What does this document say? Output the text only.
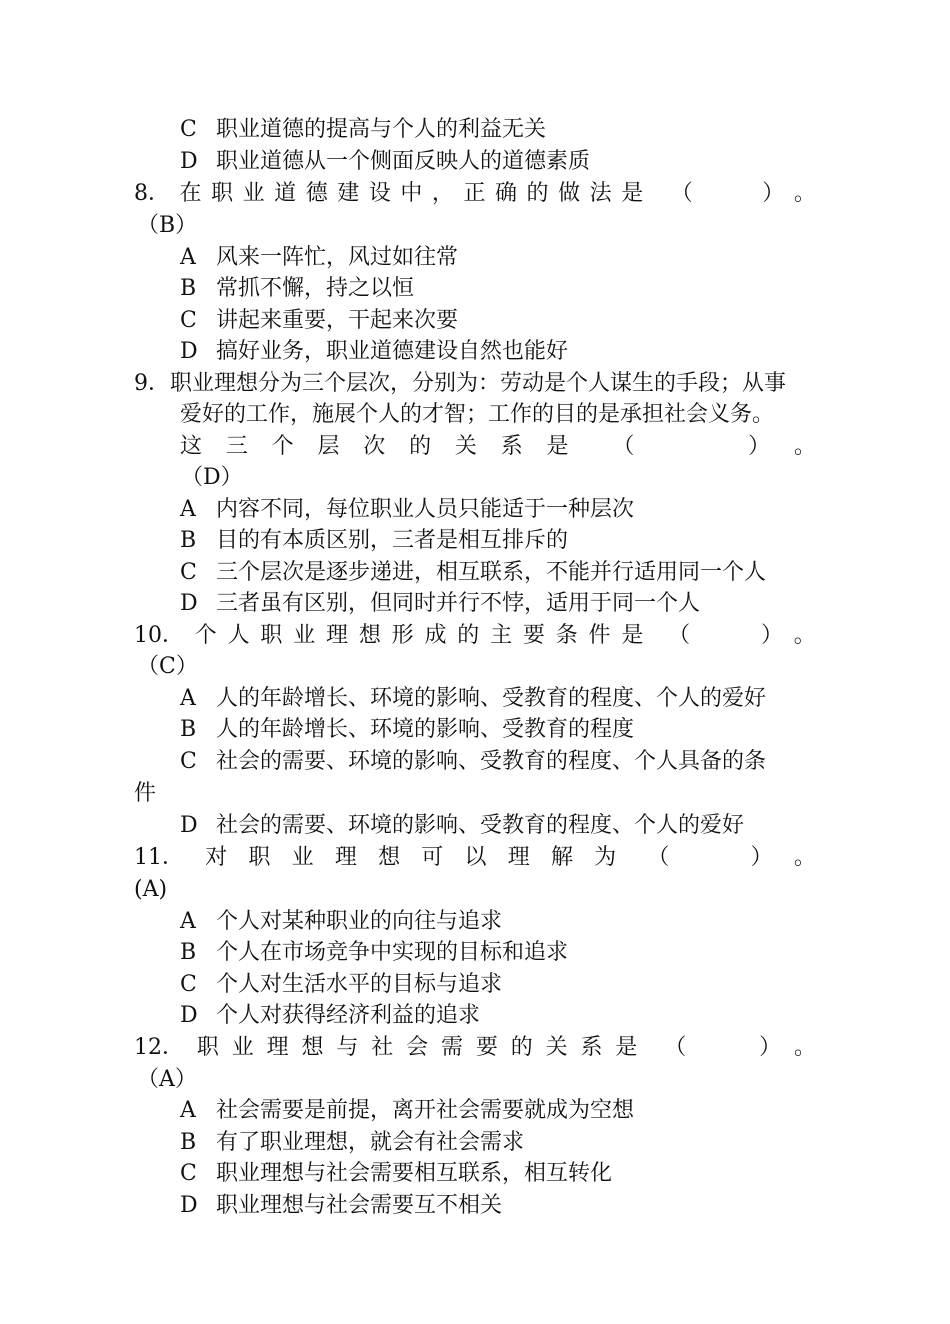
C 职业道德的提高与个人的利益无关
D 职业道德从一个侧面反映人的道德素质
8． 在 职 业 道 德 建 设 中 ， 正 确 的 做 法 是 （	） 。
（B）
A 风来一阵忙，风过如往常
B 常抓不懈，持之以恒
C 讲起来重要，干起来次要
D 搞好业务，职业道德建设自然也能好
9．职业理想分为三个层次，分别为：劳动是个人谋生的手段；从事
爱好的工作，施展个人的才智；工作的目的是承担社会义务。
这 三 个 层 次 的 关 系 是 （	） 。
（D）
A 内容不同，每位职业人员只能适于一种层次
B 目的有本质区别，三者是相互排斥的
C 三个层次是逐步递进，相互联系，不能并行适用同一个人
D 三者虽有区别，但同时并行不悖，适用于同一个人
10． 个 人 职 业 理 想 形 成 的 主 要 条 件 是 （	） 。
（C）
A 人的年龄增长、环境的影响、受教育的程度、个人的爱好
B 人的年龄增长、环境的影响、受教育的程度
C 社会的需要、环境的影响、受教育的程度、个人具备的条
件
D 社会的需要、环境的影响、受教育的程度、个人的爱好
11． 对 职 业 理 想 可 以 理 解 为 （	） 。
(A)
A 个人对某种职业的向往与追求
B 个人在市场竞争中实现的目标和追求
C 个人对生活水平的目标与追求
D 个人对获得经济利益的追求
12． 职 业 理 想 与 社 会 需 要 的 关 系 是 （	） 。
（A）
A 社会需要是前提，离开社会需要就成为空想
B 有了职业理想，就会有社会需求
C 职业理想与社会需要相互联系，相互转化
D 职业理想与社会需要互不相关
